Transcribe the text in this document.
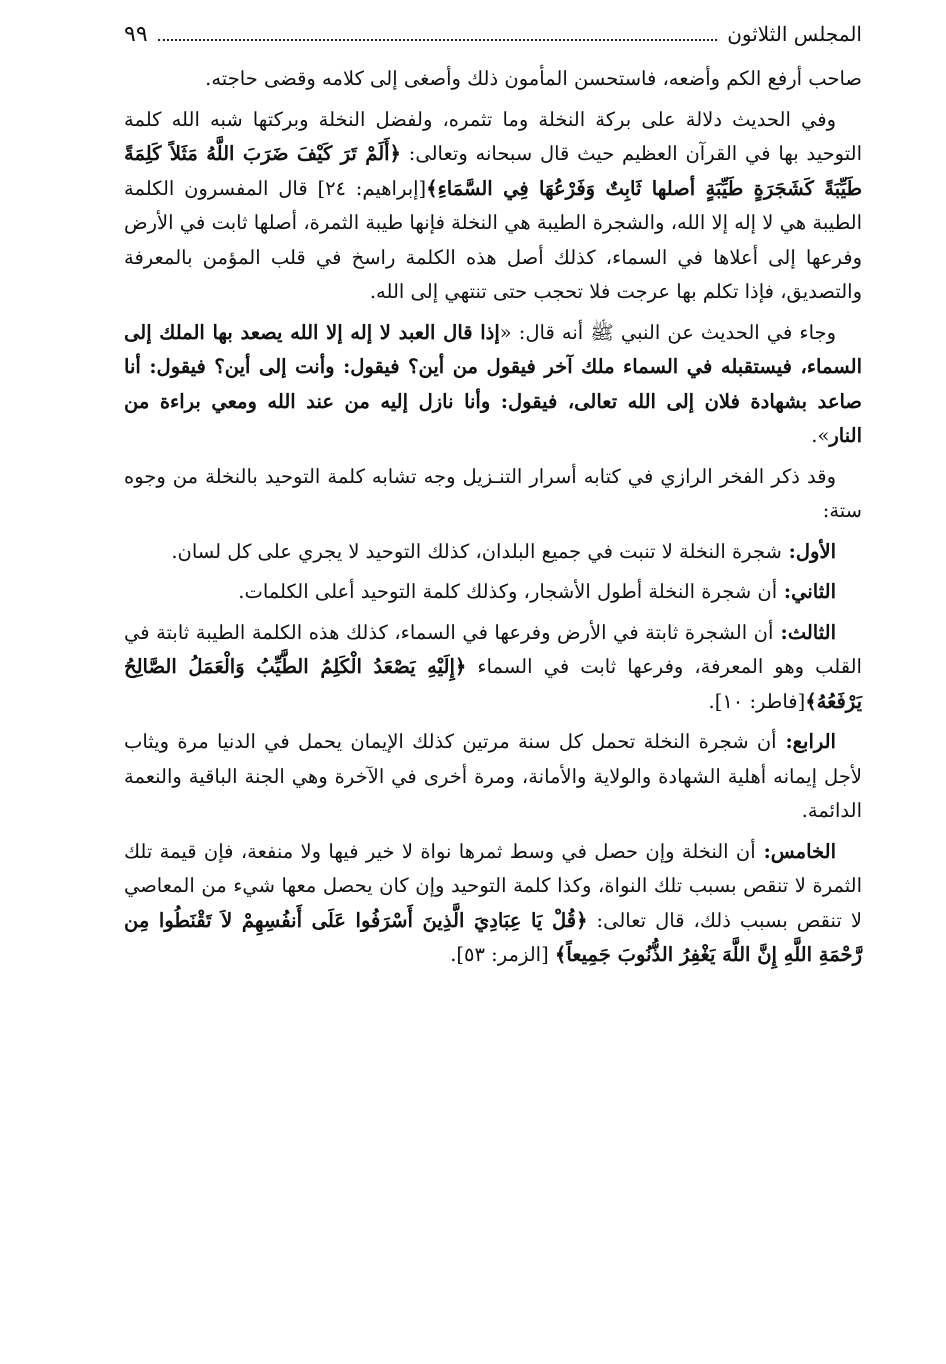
المجلس الثلاثون
٩٩

صاحب أرفع الكم وأضعه، فاستحسن المأمون ذلك وأصغى إلى كلامه وقضى حاجته.

وفي الحديث دلالة على بركة النخلة وما تثمره، ولفضل النخلة وبركتها شبه الله كلمة التوحيد بها في القرآن العظيم حيث قال سبحانه وتعالى: ﴿أَلَمْ تَرَ كَيْفَ ضَرَبَ اللَّهُ مَثَلاً كَلِمَةً طَيِّبَةً كَشَجَرَةٍ طَيِّبَةٍ أصلها ثَابِتٌ وَفَرْعُهَا فِي السَّمَاءِ﴾[إبراهيم: ٢٤] قال المفسرون الكلمة الطيبة هي لا إله إلا الله، والشجرة الطيبة هي النخلة فإنها طيبة الثمرة، أصلها ثابت في الأرض وفرعها إلى أعلاها في السماء، كذلك أصل هذه الكلمة راسخ في قلب المؤمن بالمعرفة والتصديق، فإذا تكلم بها عرجت فلا تحجب حتى تنتهي إلى الله.

وجاء في الحديث عن النبي ﷺ أنه قال: «إذا قال العبد لا إله إلا الله يصعد بها الملك إلى السماء، فيستقبله في السماء ملك آخر فيقول من أين؟ فيقول: وأنت إلى أين؟ فيقول: أنا صاعد بشهادة فلان إلى الله تعالى، فيقول: وأنا نازل إليه من عند الله ومعي براءة من النار».

وقد ذكر الفخر الرازي في كتابه أسرار التنـزيل وجه تشابه كلمة التوحيد بالنخلة من وجوه ستة:

الأول: شجرة النخلة لا تنبت في جميع البلدان، كذلك التوحيد لا يجري على كل لسان.

الثاني: أن شجرة النخلة أطول الأشجار، وكذلك كلمة التوحيد أعلى الكلمات.

الثالث: أن الشجرة ثابتة في الأرض وفرعها في السماء، كذلك هذه الكلمة الطيبة ثابتة في القلب وهو المعرفة، وفرعها ثابت في السماء ﴿إِلَيْهِ يَصْعَدُ الْكَلِمُ الطَّيِّبُ وَالْعَمَلُ الصَّالِحُ يَرْفَعُهُ﴾[فاطر: ١٠].

الرابع: أن شجرة النخلة تحمل كل سنة مرتين كذلك الإيمان يحمل في الدنيا مرة ويثاب لأجل إيمانه أهلية الشهادة والولاية والأمانة، ومرة أخرى في الآخرة وهي الجنة الباقية والنعمة الدائمة.

الخامس: أن النخلة وإن حصل في وسط ثمرها نواة لا خير فيها ولا منفعة، فإن قيمة تلك الثمرة لا تنقص بسبب تلك النواة، وكذا كلمة التوحيد وإن كان يحصل معها شيء من المعاصي لا تنقص بسبب ذلك، قال تعالى: ﴿قُلْ يَا عِبَادِيَ الَّذِينَ أَسْرَفُوا عَلَى أَنفُسِهِمْ لاَ تَقْنَطُوا مِن رَّحْمَةِ اللَّهِ إِنَّ اللَّهَ يَغْفِرُ الذُّنُوبَ جَمِيعاً﴾ [الزمر: ٥٣].
